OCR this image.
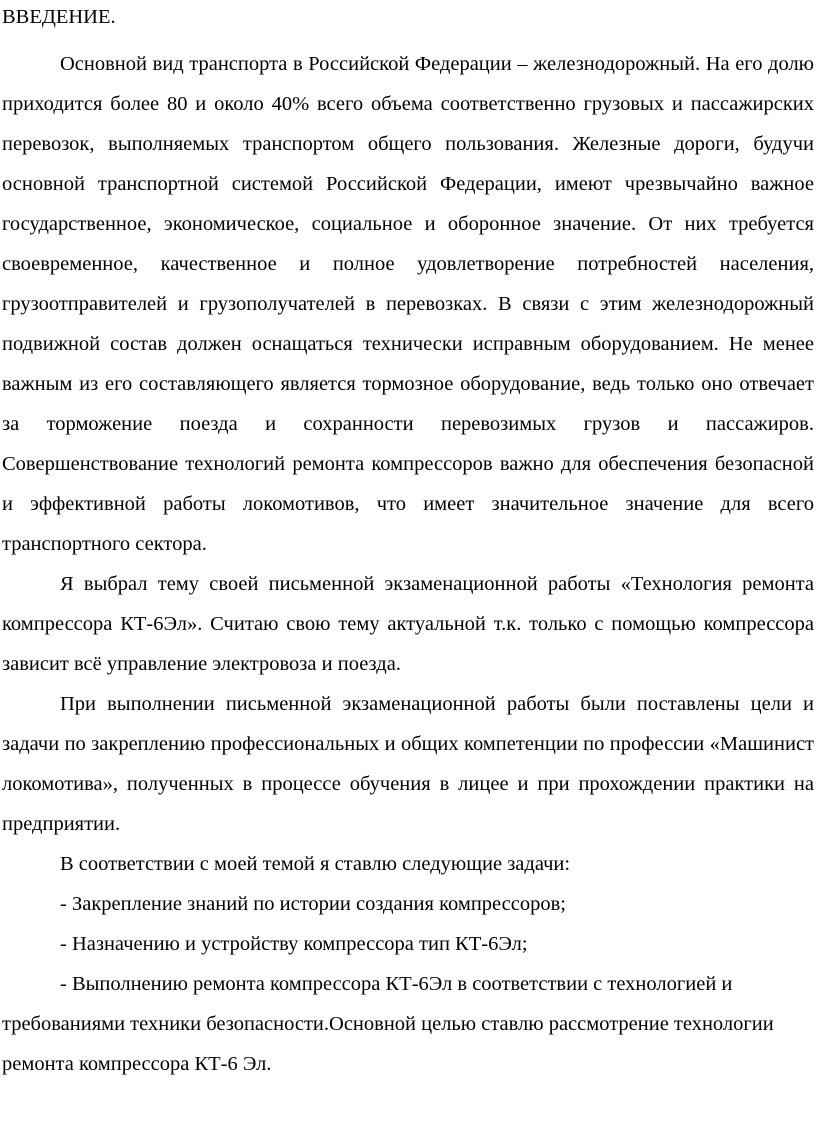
ВВЕДЕНИЕ.

Основной вид транспорта в Российской Федерации – железнодорожный. На его долю приходится более 80 и около 40% всего объема соответственно грузовых и пассажирских перевозок, выполняемых транспортом общего пользования. Железные дороги, будучи основной транспортной системой Российской Федерации, имеют чрезвычайно важное государственное, экономическое, социальное и оборонное значение. От них требуется своевременное, качественное и полное удовлетворение потребностей населения, грузоотправителей и грузополучателей в перевозках. В связи с этим железнодорожный подвижной состав должен оснащаться технически исправным оборудованием. Не менее важным из его составляющего является тормозное оборудование, ведь только оно отвечает за торможение поезда и сохранности перевозимых грузов и пассажиров. Совершенствование технологий ремонта компрессоров важно для обеспечения безопасной и эффективной работы локомотивов, что имеет значительное значение для всего транспортного сектора.

Я выбрал тему своей письменной экзаменационной работы «Технология ремонта компрессора КТ-6Эл». Считаю свою тему актуальной т.к. только с помощью компрессора зависит всё управление электровоза и поезда.

При выполнении письменной экзаменационной работы были поставлены цели и задачи по закреплению профессиональных и общих компетенции по профессии «Машинист локомотива», полученных в процессе обучения в лицее и при прохождении практики на предприятии.

В соответствии с моей темой я ставлю следующие задачи:

- Закрепление знаний по истории создания компрессоров;

- Назначению и устройству компрессора тип КТ-6Эл;

- Выполнению ремонта компрессора КТ-6Эл в соответствии с технологией и требованиями техники безопасности.Основной целью ставлю рассмотрение технологии ремонта компрессора КТ-6 Эл.
